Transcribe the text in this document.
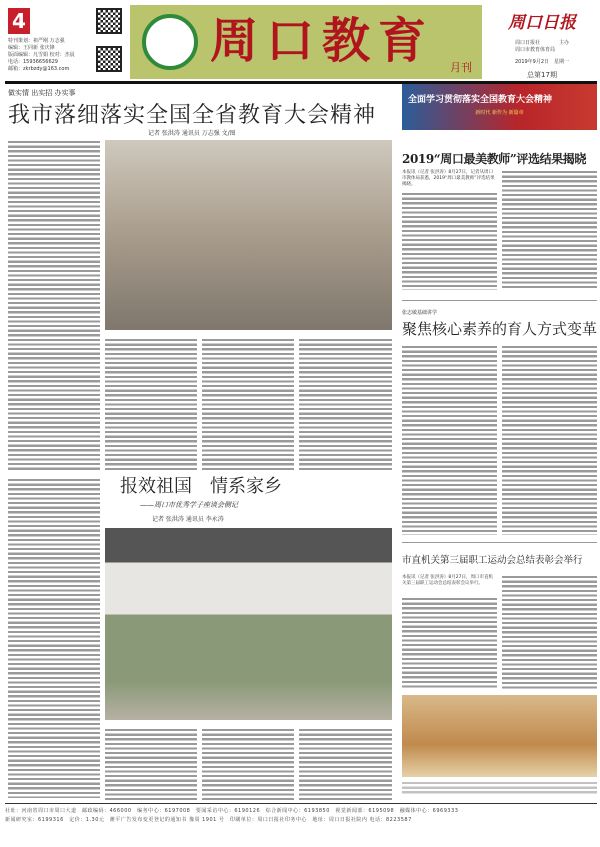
4
特刊策划：祖严刚 万志强
编辑：王同新 张庆锋
版面编辑：凡雪娟 校对：杰晨
电话：15936656629
邮箱：zkrbzdy@163.com	周口教育 月刊
周口日报
周口日报社
周口市教育体育局
主办
2019年9月2日　星期一
总第17期
做实情 出实招 办实事
我市落细落实全国全省教育大会精神
记者 张洪涛 通讯员 万志强 文/图
全面学习贯彻落实全国教育大会精神
新时代 新作为 新篇章
2019“周口最美教师”评选结果揭晓
本报讯（记者 张洪涛）8月27日，记者从周口市教体局获悉，2019“周口最美教师”评选结果揭晓。
张志敏基础讲学
聚焦核心素养的育人方式变革
市直机关第三届职工运动会总结表彰会举行
本报讯（记者 张洪涛）8月27日，周口市直机关第三届职工运动会总结表彰会议举行。
报效祖国　情系家乡
——周口市优秀学子座谈会侧记
记者 张洪涛 通讯员 李永涛
社址：河南省周口市周口大道　邮政编码：466000　编务中心：6197008　要闻采访中心：6190126　综合新闻中心：6193850　视觉新闻部：6195098　融媒体中心：6969333
新闻研究室：6199316　定价：1.30元　潍平广告发布变更登记的通知书 豫周 1901 号　印刷单位：周口日报社印务中心　地址：周口日报社院内 电话：8223587
